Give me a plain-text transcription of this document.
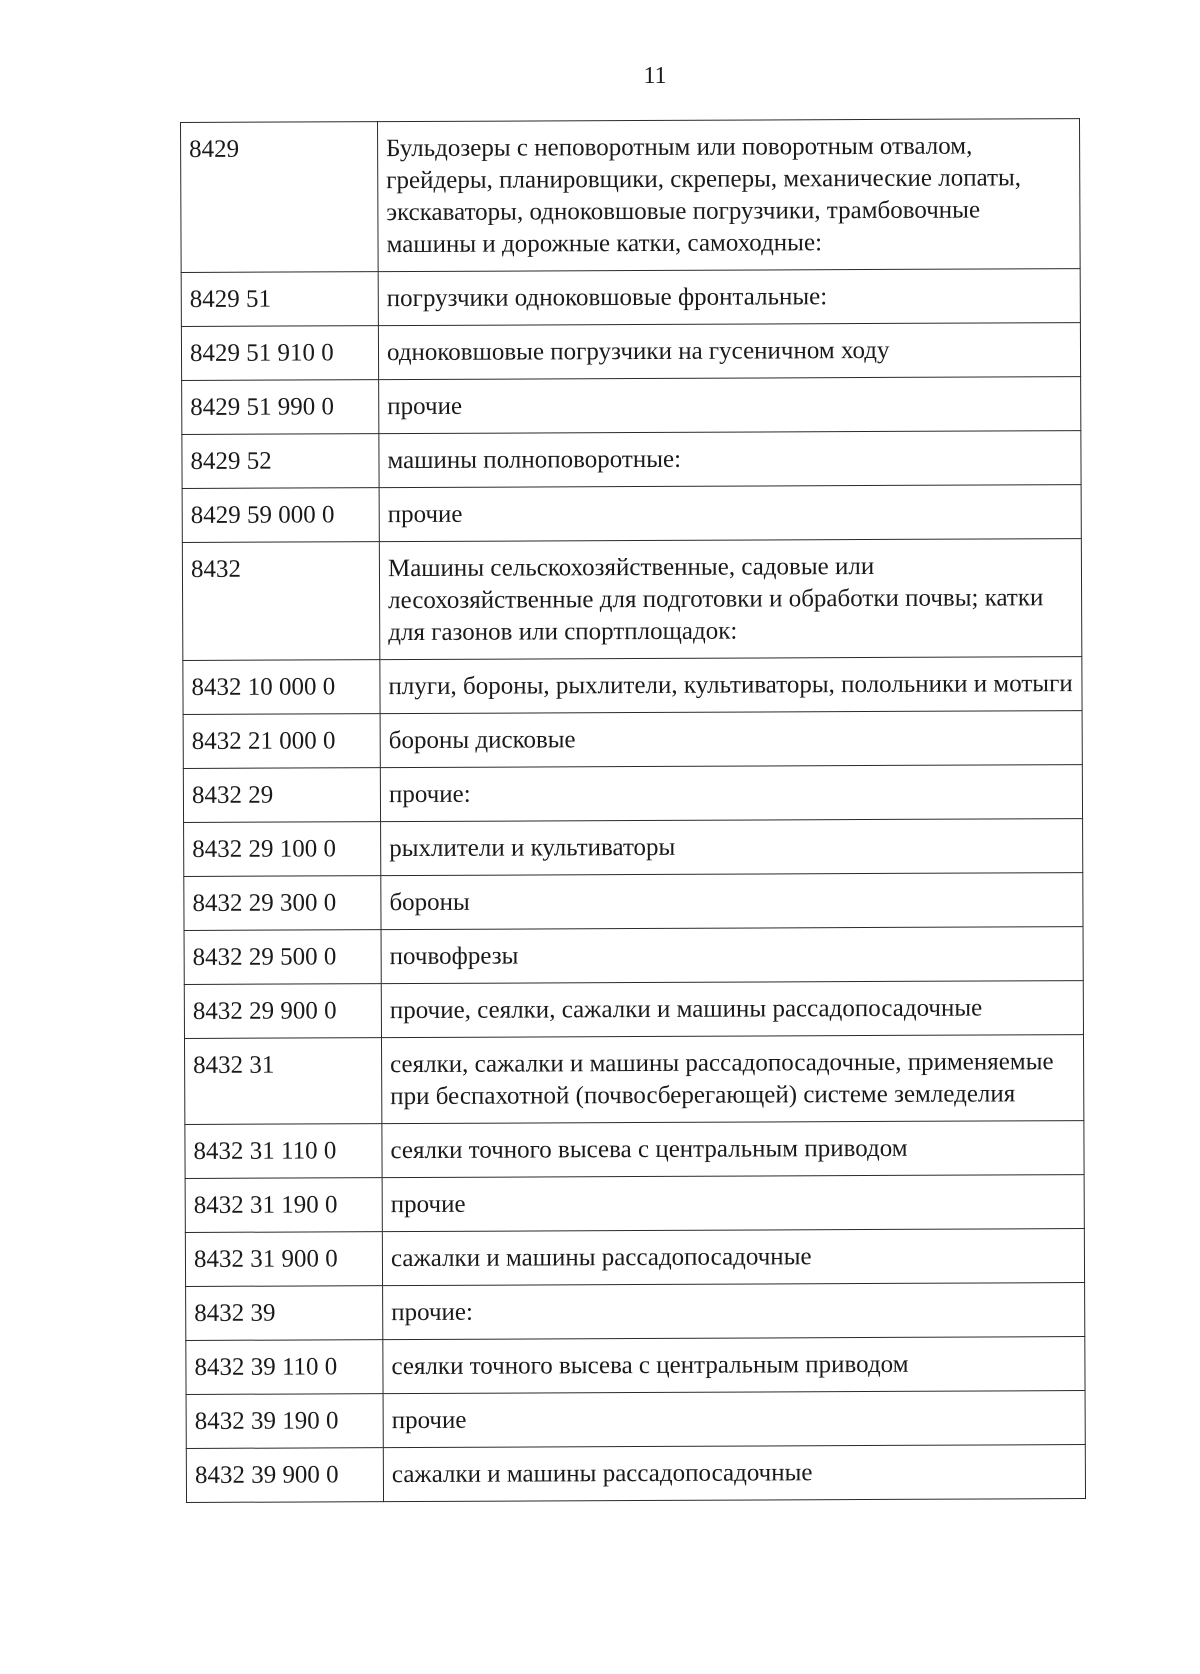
11
8429	Бульдозеры с неповоротным или поворотным отвалом, грейдеры, планировщики, скреперы, механические лопаты, экскаваторы, одноковшовые погрузчики, трамбовочные машины и дорожные катки, самоходные:
8429 51	погрузчики одноковшовые фронтальные:
8429 51 910 0	одноковшовые погрузчики на гусеничном ходу
8429 51 990 0	прочие
8429 52	машины полноповоротные:
8429 59 000 0	прочие
8432	Машины сельскохозяйственные, садовые или лесохозяйственные для подготовки и обработки почвы; катки для газонов или спортплощадок:
8432 10 000 0	плуги, бороны, рыхлители, культиваторы, полольники и мотыги
8432 21 000 0	бороны дисковые
8432 29	прочие:
8432 29 100 0	рыхлители и культиваторы
8432 29 300 0	бороны
8432 29 500 0	почвофрезы
8432 29 900 0	прочие, сеялки, сажалки и машины рассадопосадочные
8432 31	сеялки, сажалки и машины рассадопосадочные, применяемые при беспахотной (почвосберегающей) системе земледелия
8432 31 110 0	сеялки точного высева с центральным приводом
8432 31 190 0	прочие
8432 31 900 0	сажалки и машины рассадопосадочные
8432 39	прочие:
8432 39 110 0	сеялки точного высева с центральным приводом
8432 39 190 0	прочие
8432 39 900 0	сажалки и машины рассадопосадочные
